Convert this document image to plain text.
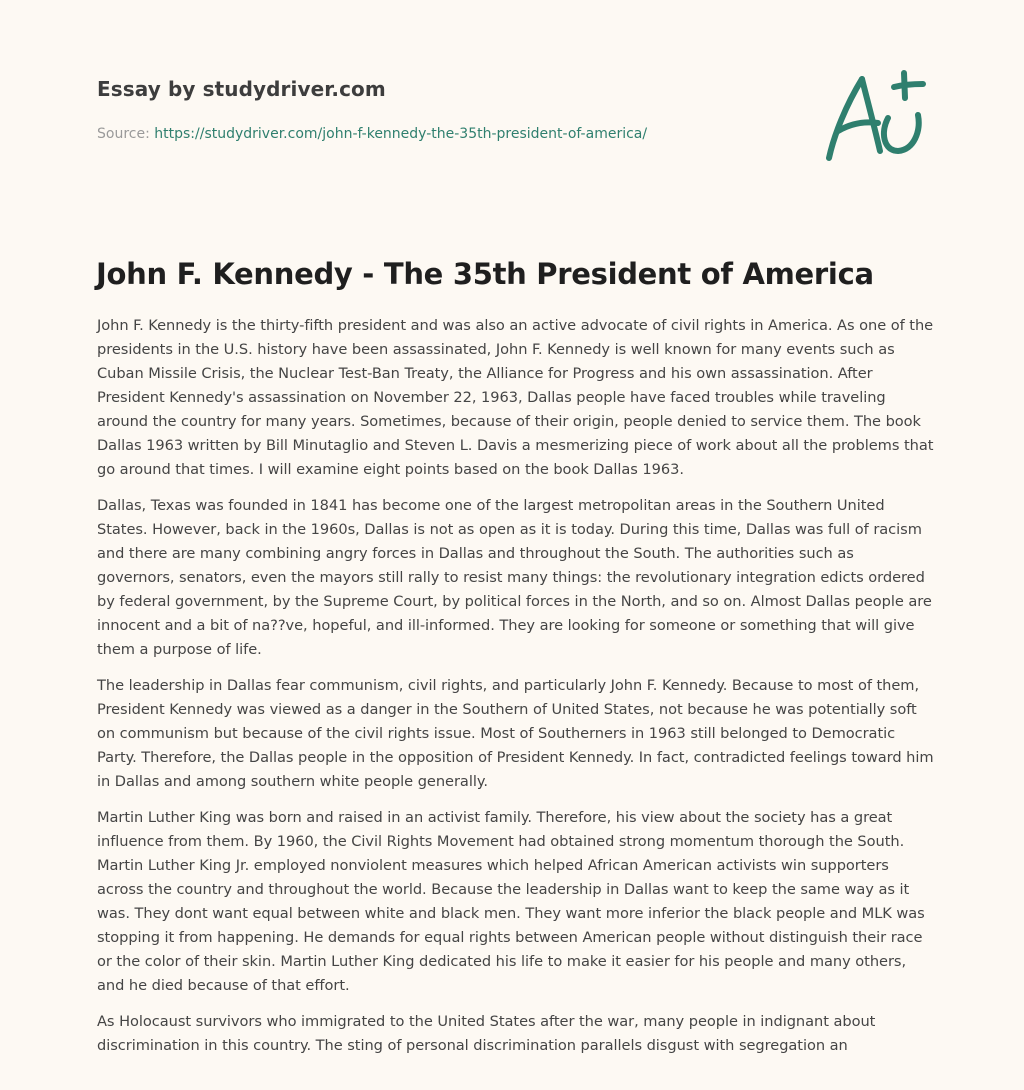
Essay by studydriver.com
Source: https://studydriver.com/john-f-kennedy-the-35th-president-of-america/
John F. Kennedy - The 35th President of America

John F. Kennedy is the thirty-fifth president and was also an active advocate of civil rights in America. As one of the presidents in the U.S. history have been assassinated, John F. Kennedy is well known for many events such as Cuban Missile Crisis, the Nuclear Test-Ban Treaty, the Alliance for Progress and his own assassination. After President Kennedy's assassination on November 22, 1963, Dallas people have faced troubles while traveling around the country for many years. Sometimes, because of their origin, people denied to service them. The book Dallas 1963 written by Bill Minutaglio and Steven L. Davis a mesmerizing piece of work about all the problems that go around that times. I will examine eight points based on the book Dallas 1963.

Dallas, Texas was founded in 1841 has become one of the largest metropolitan areas in the Southern United States. However, back in the 1960s, Dallas is not as open as it is today. During this time, Dallas was full of racism and there are many combining angry forces in Dallas and throughout the South. The authorities such as governors, senators, even the mayors still rally to resist many things: the revolutionary integration edicts ordered by federal government, by the Supreme Court, by political forces in the North, and so on. Almost Dallas people are innocent and a bit of na??ve, hopeful, and ill-informed. They are looking for someone or something that will give them a purpose of life.

The leadership in Dallas fear communism, civil rights, and particularly John F. Kennedy. Because to most of them, President Kennedy was viewed as a danger in the Southern of United States, not because he was potentially soft on communism but because of the civil rights issue. Most of Southerners in 1963 still belonged to Democratic Party. Therefore, the Dallas people in the opposition of President Kennedy. In fact, contradicted feelings toward him in Dallas and among southern white people generally.

Martin Luther King was born and raised in an activist family. Therefore, his view about the society has a great influence from them. By 1960, the Civil Rights Movement had obtained strong momentum thorough the South. Martin Luther King Jr. employed nonviolent measures which helped African American activists win supporters across the country and throughout the world. Because the leadership in Dallas want to keep the same way as it was. They dont want equal between white and black men. They want more inferior the black people and MLK was stopping it from happening. He demands for equal rights between American people without distinguish their race or the color of their skin. Martin Luther King dedicated his life to make it easier for his people and many others, and he died because of that effort.

As Holocaust survivors who immigrated to the United States after the war, many people in indignant about discrimination in this country. The sting of personal discrimination parallels disgust with segregation an
